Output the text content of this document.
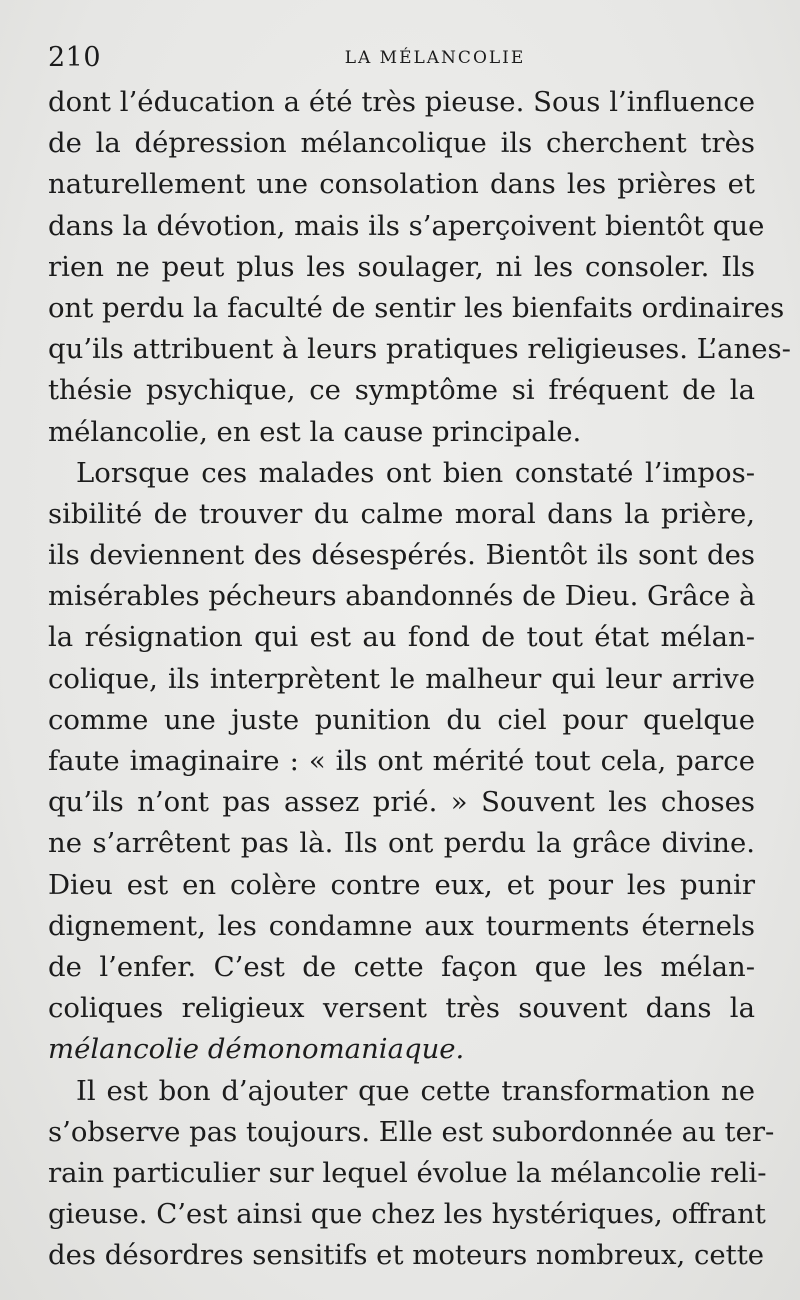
210	LA MÉLANCOLIE
dont l’éducation a été très pieuse. Sous l’influence
de la dépression mélancolique ils cherchent très
naturellement une consolation dans les prières et
dans la dévotion, mais ils s’aperçoivent bientôt que
rien ne peut plus les soulager, ni les consoler. Ils
ont perdu la faculté de sentir les bienfaits ordinaires
qu’ils attribuent à leurs pratiques religieuses. L’anes-
thésie psychique, ce symptôme si fréquent de la
mélancolie, en est la cause principale.
Lorsque ces malades ont bien constaté l’impos-
sibilité de trouver du calme moral dans la prière,
ils deviennent des désespérés. Bientôt ils sont des
misérables pécheurs abandonnés de Dieu. Grâce à
la résignation qui est au fond de tout état mélan-
colique, ils interprètent le malheur qui leur arrive
comme une juste punition du ciel pour quelque
faute imaginaire : « ils ont mérité tout cela, parce
qu’ils n’ont pas assez prié. » Souvent les choses
ne s’arrêtent pas là. Ils ont perdu la grâce divine.
Dieu est en colère contre eux, et pour les punir
dignement, les condamne aux tourments éternels
de l’enfer. C’est de cette façon que les mélan-
coliques religieux versent très souvent dans la
mélancolie démonomaniaque.
Il est bon d’ajouter que cette transformation ne
s’observe pas toujours. Elle est subordonnée au ter-
rain particulier sur lequel évolue la mélancolie reli-
gieuse. C’est ainsi que chez les hystériques, offrant
des désordres sensitifs et moteurs nombreux, cette
